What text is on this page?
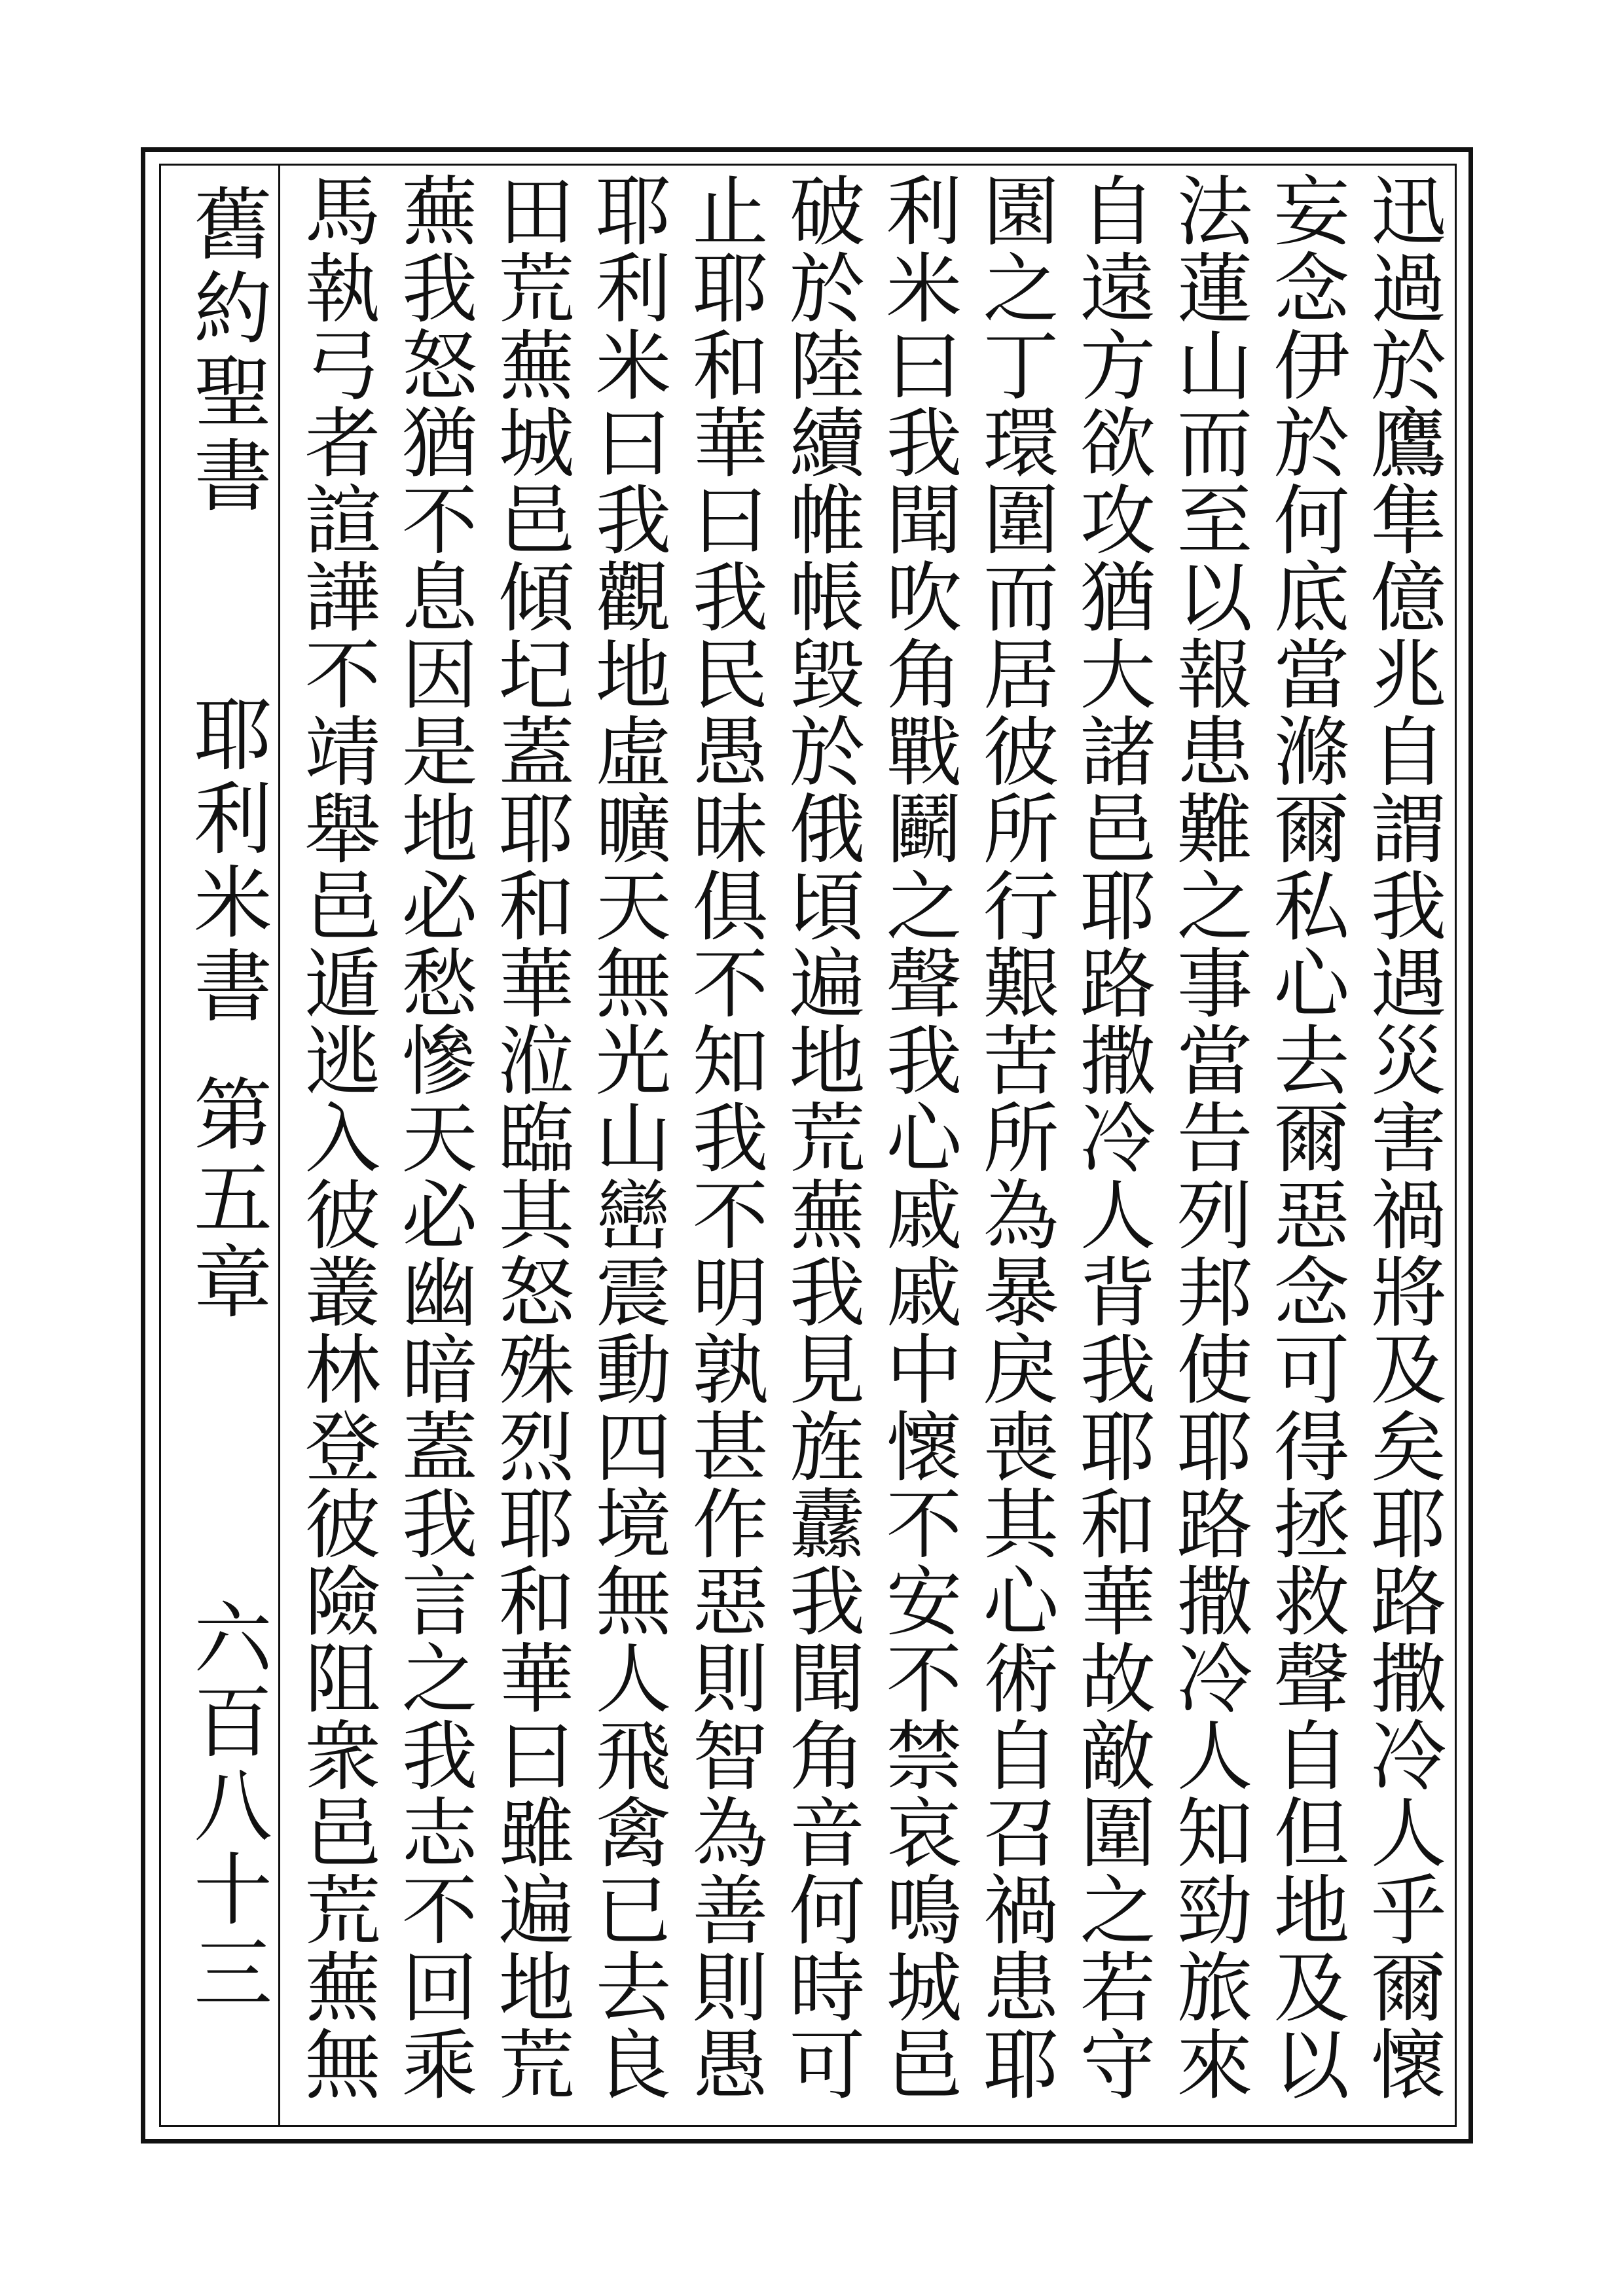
舊約聖書
耶利米書
第五章
六百八十三

迅過於鷹隼億兆自謂我遇災害禍將及矣耶路撒冷人乎爾懷妄念伊於何底當滌爾私心去爾惡念可得拯救聲自但地及以法蓮山而至以報患難之事當告列邦使耶路撒冷人知勁旅來自遠方欲攻猶大諸邑耶路撒冷人背我耶和華故敵圍之若守園之丁環圍而居彼所行艱苦所為暴戾喪其心術自召禍患耶利米曰我聞吹角戰鬬之聲我心戚戚中懷不安不禁哀鳴城邑破於陸續帷帳毀於俄頃遍地荒蕪我見旌纛我聞角音何時可止耶和華曰我民愚昧俱不知我不明孰甚作惡則智為善則愚耶利米曰我觀地虛曠天無光山巒震動四境無人飛禽已去良田荒蕪城邑傾圮蓋耶和華涖臨其怒殊烈耶和華曰雖遍地荒蕪我怒猶不息因是地必愁慘天必幽暗蓋我言之我志不回乘馬執弓者諠譁不靖舉邑遁逃入彼叢林登彼險阻衆邑荒蕪無
